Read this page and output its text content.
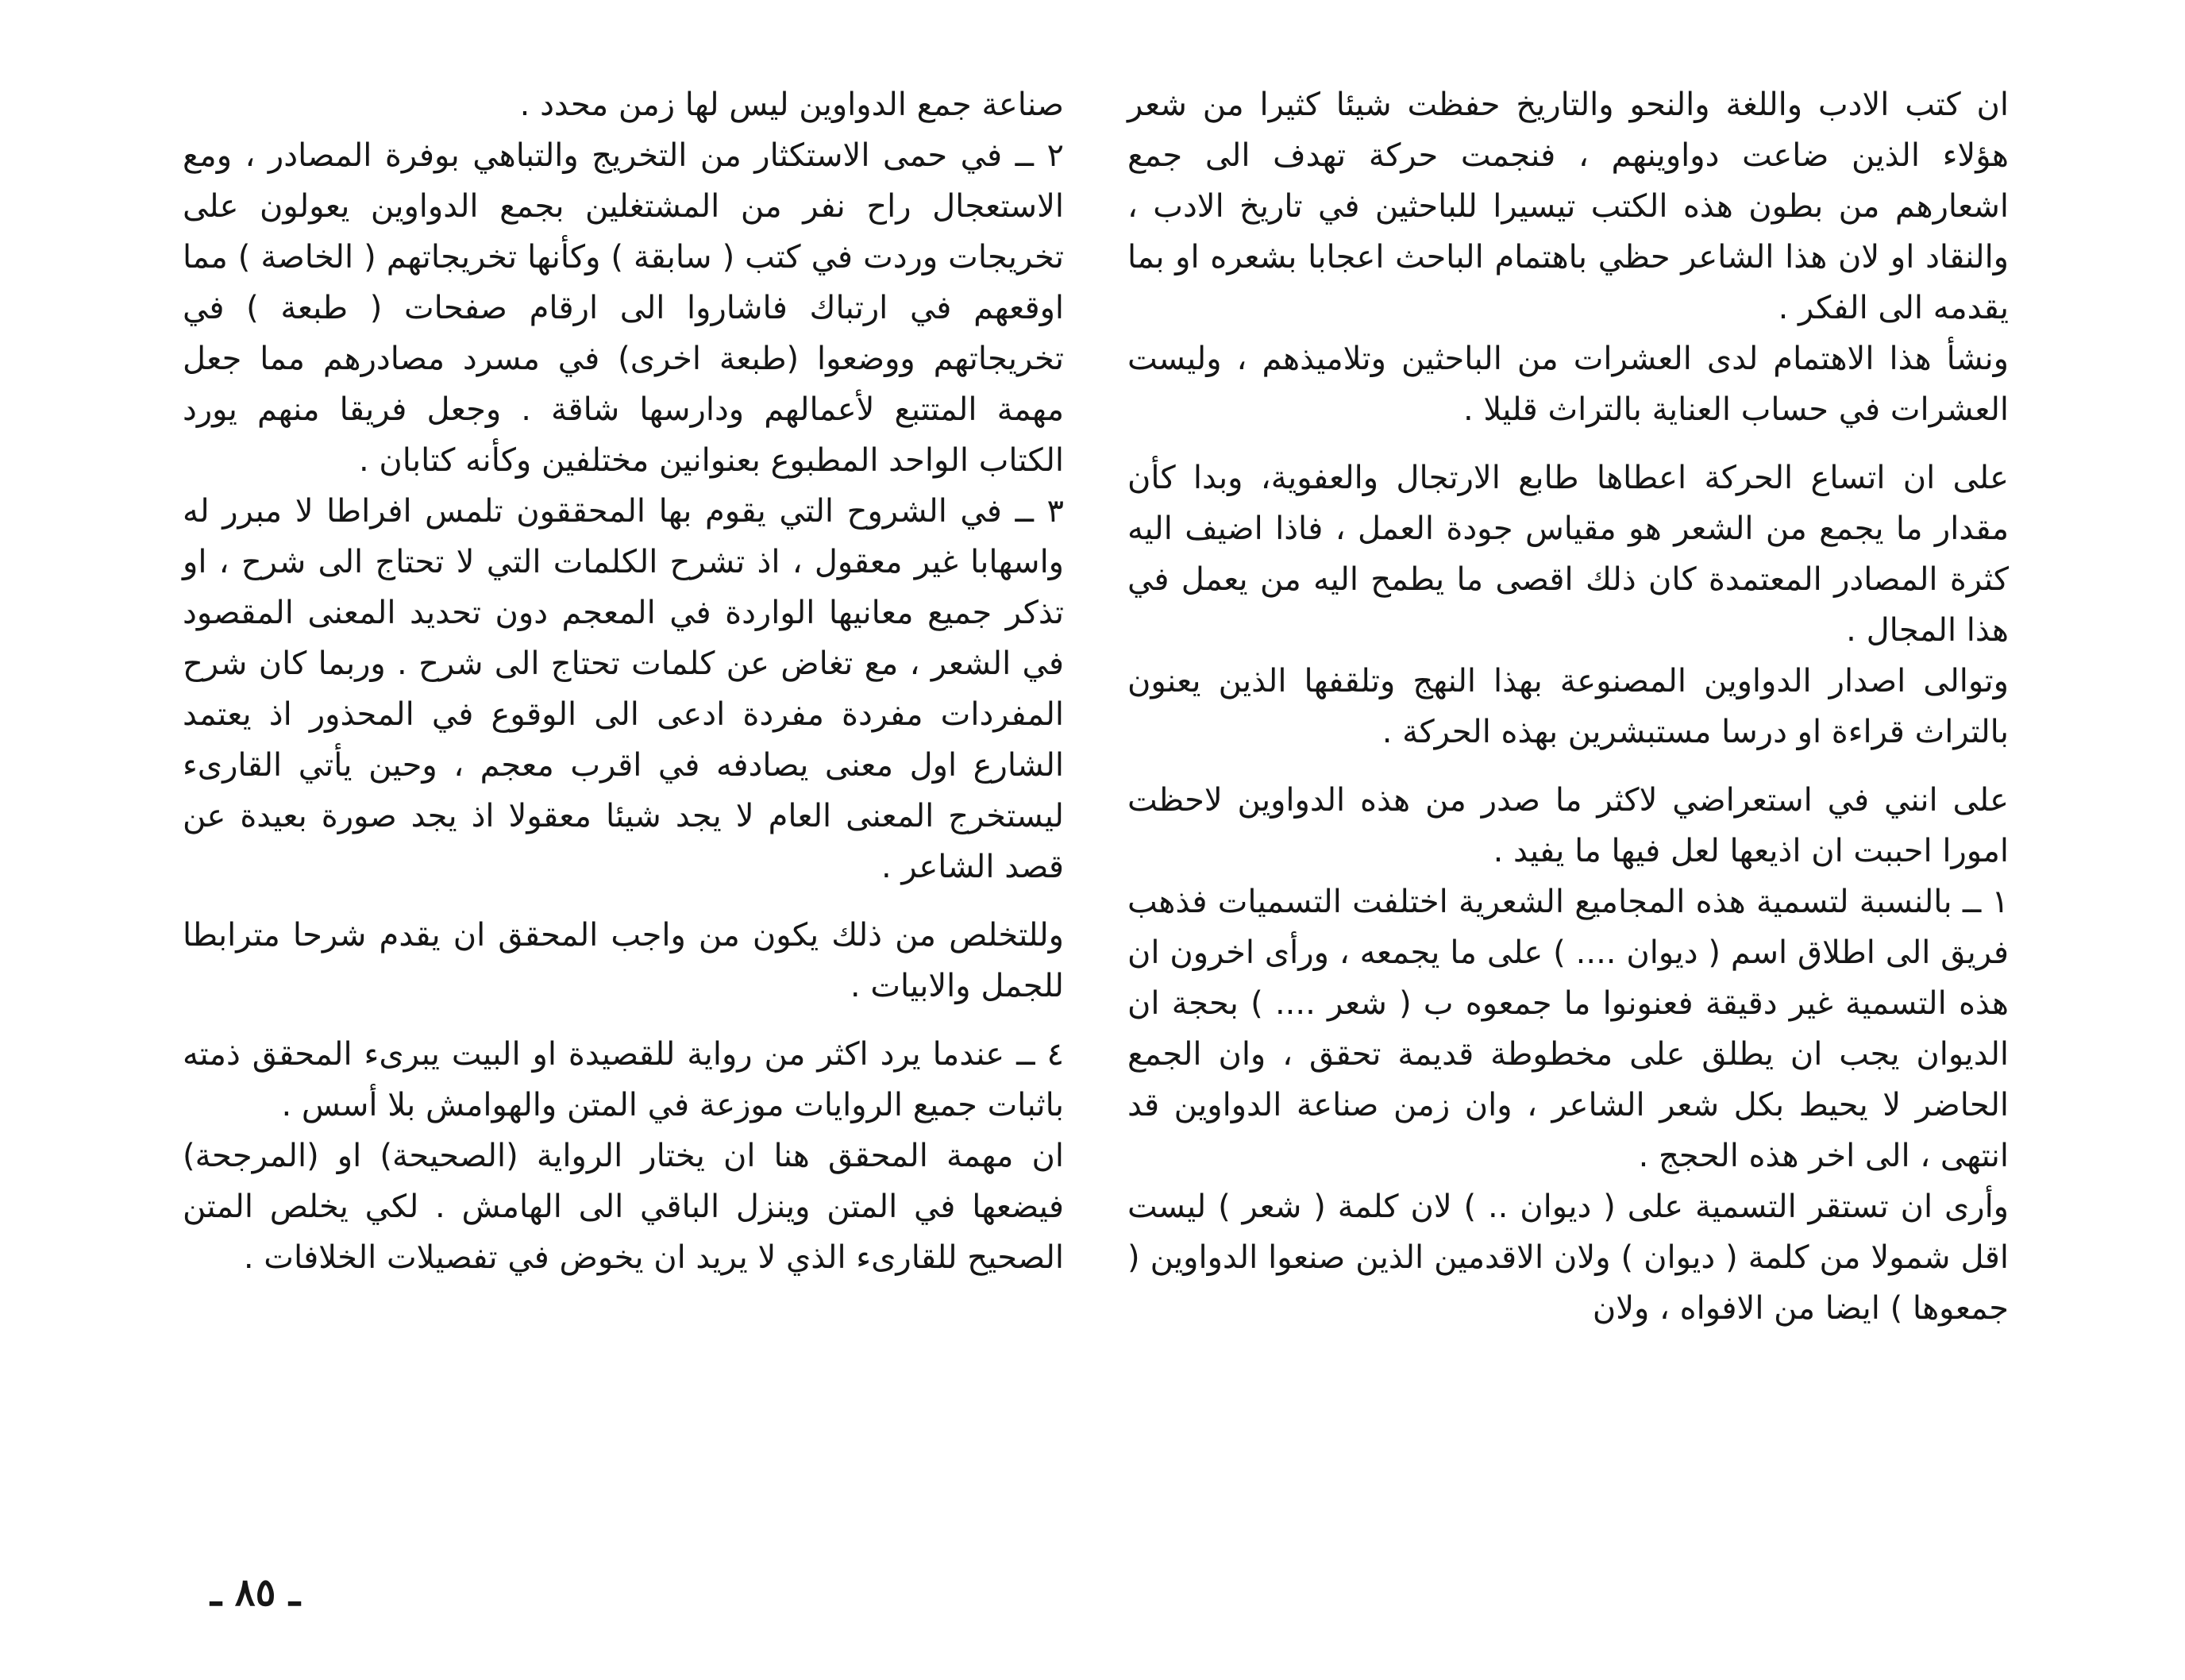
ان كتب الادب واللغة والنحو والتاريخ حفظت شيئا كثيرا من شعر هؤلاء الذين ضاعت دواوينهم ، فنجمت حركة تهدف الى جمع اشعارهم من بطون هذه الكتب تيسيرا للباحثين في تاريخ الادب ، والنقاد او لان هذا الشاعر حظي باهتمام الباحث اعجابا بشعره او بما يقدمه الى الفكر .

ونشأ هذا الاهتمام لدى العشرات من الباحثين وتلاميذهم ، وليست العشرات في حساب العناية بالتراث قليلا .

على ان اتساع الحركة اعطاها طابع الارتجال والعفوية، وبدا كأن مقدار ما يجمع من الشعر هو مقياس جودة العمل ، فاذا اضيف اليه كثرة المصادر المعتمدة كان ذلك اقصى ما يطمح اليه من يعمل في هذا المجال .

وتوالى اصدار الدواوين المصنوعة بهذا النهج وتلقفها الذين يعنون بالتراث قراءة او درسا مستبشرين بهذه الحركة .

على انني في استعراضي لاكثر ما صدر من هذه الدواوين لاحظت امورا احببت ان اذيعها لعل فيها ما يفيد .

١ ــ بالنسبة لتسمية هذه المجاميع الشعرية اختلفت التسميات فذهب فريق الى اطلاق اسم ( ديوان .... ) على ما يجمعه ، ورأى اخرون ان هذه التسمية غير دقيقة فعنونوا ما جمعوه ب ( شعر .... ) بحجة ان الديوان يجب ان يطلق على مخطوطة قديمة تحقق ، وان الجمع الحاضر لا يحيط بكل شعر الشاعر ، وان زمن صناعة الدواوين قد انتهى ، الى اخر هذه الحجج .

وأرى ان تستقر التسمية على ( ديوان .. ) لان كلمة ( شعر ) ليست اقل شمولا من كلمة ( ديوان ) ولان الاقدمين الذين صنعوا الدواوين ( جمعوها ) ايضا من الافواه ، ولان

صناعة جمع الدواوين ليس لها زمن محدد .

٢ ــ في حمى الاستكثار من التخريج والتباهي بوفرة المصادر ، ومع الاستعجال راح نفر من المشتغلين بجمع الدواوين يعولون على تخريجات وردت في كتب ( سابقة ) وكأنها تخريجاتهم ( الخاصة ) مما اوقعهم في ارتباك فاشاروا الى ارقام صفحات ( طبعة ) في تخريجاتهم ووضعوا (طبعة اخرى) في مسرد مصادرهم مما جعل مهمة المتتبع لأعمالهم ودارسها شاقة . وجعل فريقا منهم يورد الكتاب الواحد المطبوع بعنوانين مختلفين وكأنه كتابان .

٣ ــ في الشروح التي يقوم بها المحققون تلمس افراطا لا مبرر له واسهابا غير معقول ، اذ تشرح الكلمات التي لا تحتاج الى شرح ، او تذكر جميع معانيها الواردة في المعجم دون تحديد المعنى المقصود في الشعر ، مع تغاض عن كلمات تحتاج الى شرح . وربما كان شرح المفردات مفردة مفردة ادعى الى الوقوع في المحذور اذ يعتمد الشارع اول معنى يصادفه في اقرب معجم ، وحين يأتي القارىء ليستخرج المعنى العام لا يجد شيئا معقولا اذ يجد صورة بعيدة عن قصد الشاعر .

وللتخلص من ذلك يكون من واجب المحقق ان يقدم شرحا مترابطا للجمل والابيات .

٤ ــ عندما يرد اكثر من رواية للقصيدة او البيت يبرىء المحقق ذمته باثبات جميع الروايات موزعة في المتن والهوامش بلا أسس .

ان مهمة المحقق هنا ان يختار الرواية (الصحيحة) او (المرجحة) فيضعها في المتن وينزل الباقي الى الهامش . لكي يخلص المتن الصحيح للقارىء الذي لا يريد ان يخوض في تفصيلات الخلافات .

ـ ٨٥ ـ
